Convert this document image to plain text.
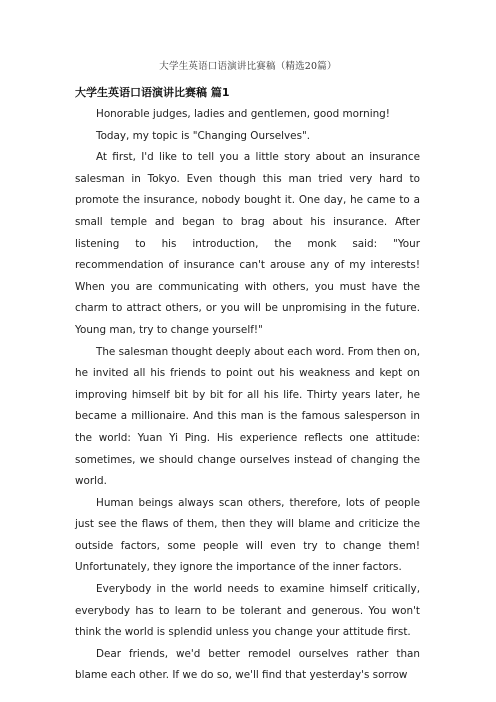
大学生英语口语演讲比赛稿（精选20篇）
大学生英语口语演讲比赛稿 篇1

Honorable judges, ladies and gentlemen, good morning!

Today, my topic is "Changing Ourselves".

At first, I'd like to tell you a little story about an insurance salesman in Tokyo. Even though this man tried very hard to promote the insurance, nobody bought it. One day, he came to a small temple and began to brag about his insurance. After listening to his introduction, the monk said: "Your recommendation of insurance can't arouse any of my interests! When you are communicating with others, you must have the charm to attract others, or you will be unpromising in the future. Young man, try to change yourself!"

The salesman thought deeply about each word. From then on, he invited all his friends to point out his weakness and kept on improving himself bit by bit for all his life. Thirty years later, he became a millionaire. And this man is the famous salesperson in the world: Yuan Yi Ping. His experience reflects one attitude: sometimes, we should change ourselves instead of changing the world.

Human beings always scan others, therefore, lots of people just see the flaws of them, then they will blame and criticize the outside factors, some people will even try to change them! Unfortunately, they ignore the importance of the inner factors.

Everybody in the world needs to examine himself critically, everybody has to learn to be tolerant and generous. You won't think the world is splendid unless you change your attitude first.

Dear friends, we'd better remodel ourselves rather than blame each other. If we do so, we'll find that yesterday's sorrow
